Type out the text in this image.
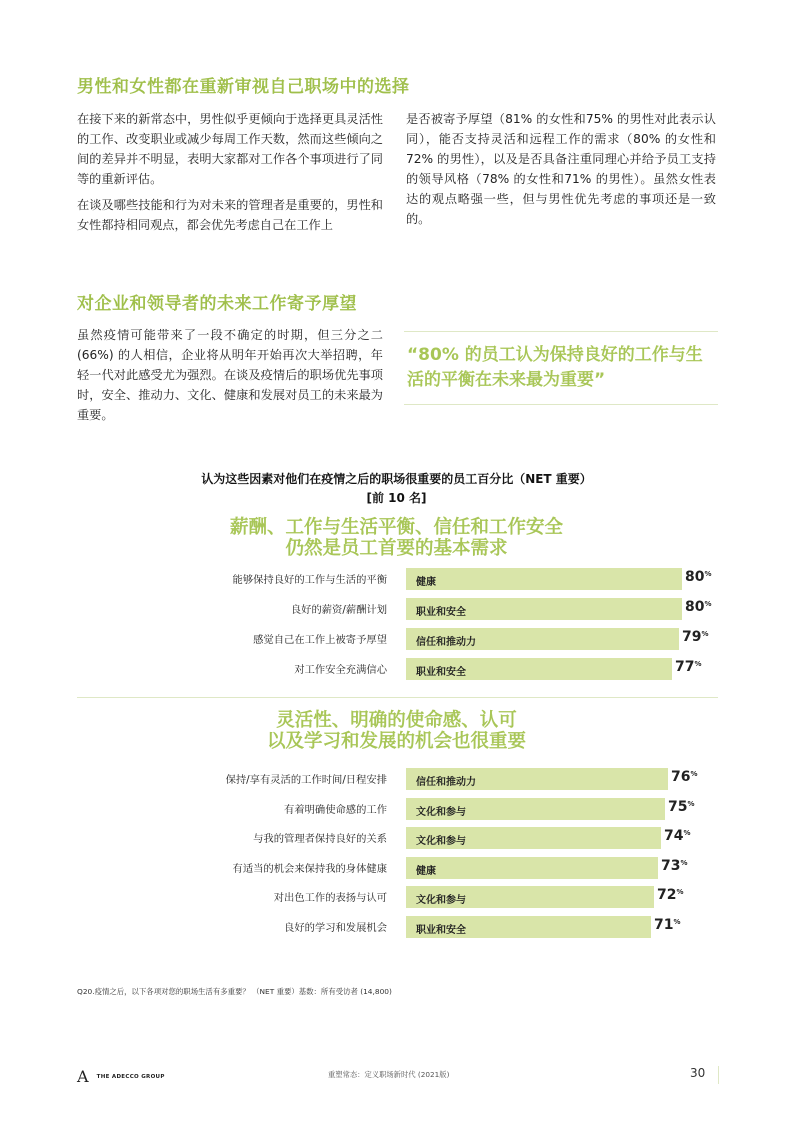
男性和女性都在重新审视自己职场中的选择
在接下来的新常态中，男性似乎更倾向于选择更具灵活性的工作、改变职业或减少每周工作天数，然而这些倾向之间的差异并不明显，表明大家都对工作各个事项进行了同等的重新评估。
在谈及哪些技能和行为对未来的管理者是重要的，男性和女性都持相同观点，都会优先考虑自己在工作上
是否被寄予厚望（81% 的女性和75% 的男性对此表示认同），能否支持灵活和远程工作的需求（80% 的女性和72% 的男性），以及是否具备注重同理心并给予员工支持的领导风格（78% 的女性和71% 的男性）。虽然女性表达的观点略强一些，但与男性优先考虑的事项还是一致的。
对企业和领导者的未来工作寄予厚望
虽然疫情可能带来了一段不确定的时期，但三分之二 (66%) 的人相信，企业将从明年开始再次大举招聘，年轻一代对此感受尤为强烈。在谈及疫情后的职场优先事项时，安全、推动力、文化、健康和发展对员工的未来最为重要。
“80% 的员工认为保持良好的工作与生活的平衡在未来最为重要”
认为这些因素对他们在疫情之后的职场很重要的员工百分比（NET 重要）
[前 10 名]
薪酬、工作与生活平衡、信任和工作安全
仍然是员工首要的基本需求
能够保持良好的工作与生活的平衡	健康	80%
良好的薪资/薪酬计划	职业和安全	80%
感觉自己在工作上被寄予厚望	信任和推动力	79%
对工作安全充满信心	职业和安全	77%
灵活性、明确的使命感、认可
以及学习和发展的机会也很重要
保持/享有灵活的工作时间/日程安排	信任和推动力	76%
有着明确使命感的工作	文化和参与	75%
与我的管理者保持良好的关系	文化和参与	74%
有适当的机会来保持我的身体健康	健康	73%
对出色工作的表扬与认可	文化和参与	72%
良好的学习和发展机会	职业和安全	71%
Q20.疫情之后，以下各项对您的职场生活有多重要？ （NET 重要）基数：所有受访者 (14,800)
A THE ADECCO GROUP	重塑常态：定义职场新时代 (2021版)	30
